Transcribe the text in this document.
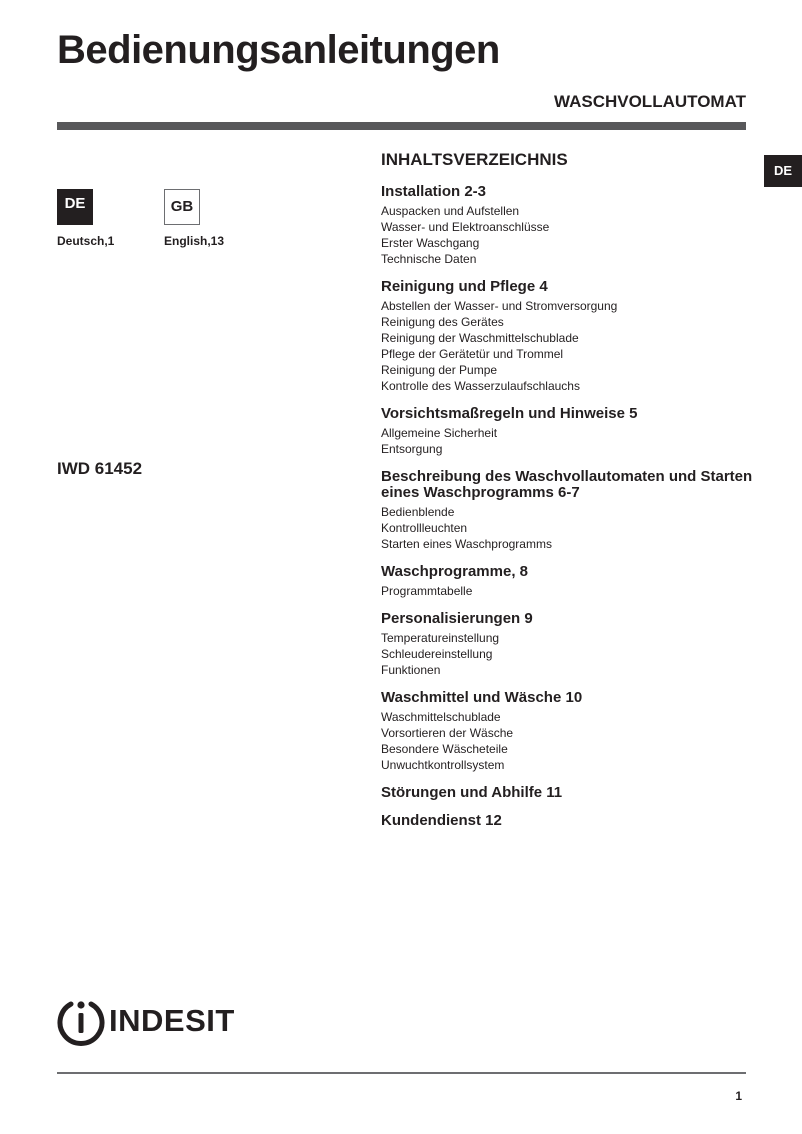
Bedienungsanleitungen
WASCHVOLLAUTOMAT
DE
DE
Deutsch,1
GB
English,13
IWD 61452
INHALTSVERZEICHNIS
Installation 2-3
Auspacken und Aufstellen
Wasser- und Elektroanschlüsse
Erster Waschgang
Technische Daten
Reinigung und Pflege 4
Abstellen der Wasser- und Stromversorgung
Reinigung des Gerätes
Reinigung der Waschmittelschublade
Pflege der Gerätetür und Trommel
Reinigung der Pumpe
Kontrolle des Wasserzulaufschlauchs
Vorsichtsmaßregeln und Hinweise 5
Allgemeine Sicherheit
Entsorgung
Beschreibung des Waschvollautomaten und Starten eines Waschprogramms 6-7
Bedienblende
Kontrollleuchten
Starten eines Waschprogramms
Waschprogramme, 8
Programmtabelle
Personalisierungen 9
Temperatureinstellung
Schleudereinstellung
Funktionen
Waschmittel und Wäsche 10
Waschmittelschublade
Vorsortieren der Wäsche
Besondere Wäscheteile
Unwuchtkontrollsystem
Störungen und Abhilfe 11
Kundendienst 12
INDESIT
1
